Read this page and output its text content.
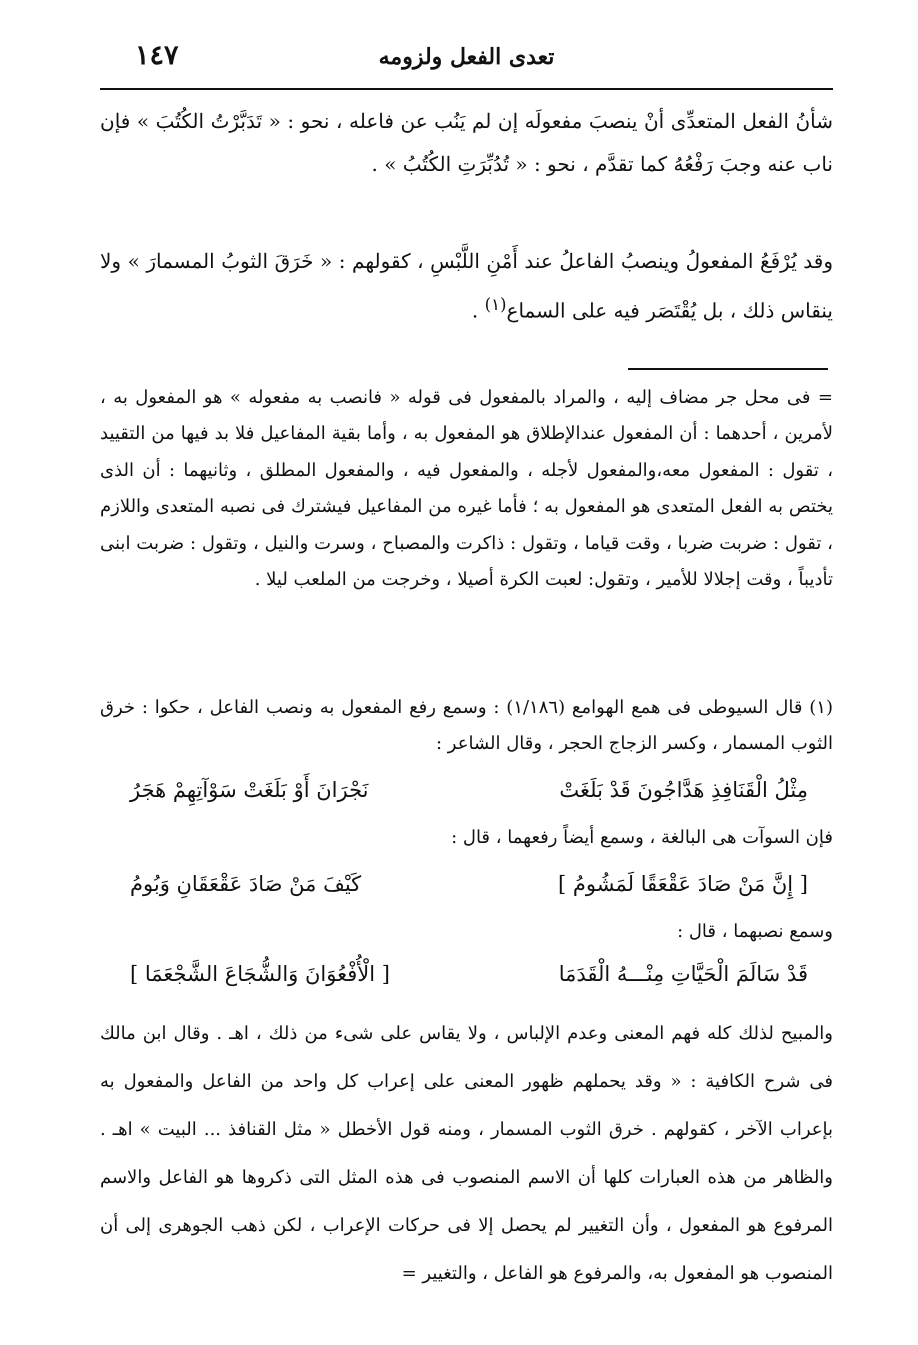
تعدى الفعل ولزومه
١٤٧
شأنُ الفعل المتعدِّى أنْ ينصبَ مفعولَه إن لم يَنُب عن فاعله ، نحو : « تَدَبَّرْتُ الكُتُبَ » فإن ناب عنه وجبَ رَفْعُهُ كما تقدَّم ، نحو : « تُدُبِّرَتِ الكُتُبُ » .
وقد يُرْفَعُ المفعولُ وينصبُ الفاعلُ عند أَمْنِ اللَّبْسِ ، كقولهم : « خَرَقَ الثوبُ المسمارَ » ولا ينقاس ذلك ، بل يُقْتَصَر فيه على السماع$^{(١)}$ .
= فى محل جر مضاف إليه ، والمراد بالمفعول فى قوله « فانصب به مفعوله » هو المفعول به ، لأمرين ، أحدهما : أن المفعول عندالإطلاق هو المفعول به ، وأما بقية المفاعيل فلا بد فيها من التقييد ، تقول : المفعول معه،والمفعول لأجله ، والمفعول فيه ، والمفعول المطلق ، وثانيهما : أن الذى يختص به الفعل المتعدى هو المفعول به ؛ فأما غيره من المفاعيل فيشترك فى نصبه المتعدى واللازم ، تقول : ضربت ضربا ، وقت قياما ، وتقول : ذاكرت والمصباح ، وسرت والنيل ، وتقول : ضربت ابنى تأديباً ، وقت إجلالا للأمير ، وتقول: لعبت الكرة أصيلا ، وخرجت من الملعب ليلا .
(١) قال السيوطى فى همع الهوامع (١/١٨٦) : وسمع رفع المفعول به ونصب الفاعل ، حكوا : خرق الثوب المسمار ، وكسر الزجاج الحجر ، وقال الشاعر :
مِثْلُ الْقَنَافِذِ هَدَّاجُونَ قَدْ بَلَغَتْ
نَجْرَانَ أَوْ بَلَغَتْ سَوْآتِهِمْ هَجَرُ
فإن السوآت هى البالغة ، وسمع أيضاً رفعهما ، قال :
[ إِنَّ مَنْ صَادَ عَقْعَقًا لَمَشُومُ ]
كَيْفَ مَنْ صَادَ عَقْعَقَانِ وَبُومُ
وسمع نصبهما ، قال :
قَدْ سَالَمَ الْحَيَّاتِ مِنْـــهُ الْقَدَمَا
[ الْأُفْعُوَانَ وَالشُّجَاعَ الشَّجْعَمَا ]
والمبيح لذلك كله فهم المعنى وعدم الإلباس ، ولا يقاس على شىء من ذلك ، اهـ . وقال ابن مالك فى شرح الكافية : « وقد يحملهم ظهور المعنى على إعراب كل واحد من الفاعل والمفعول به بإعراب الآخر ، كقولهم . خرق الثوب المسمار ، ومنه قول الأخطل « مثل القنافذ ... البيت » اهـ . والظاهر من هذه العبارات كلها أن الاسم المنصوب فى هذه المثل التى ذكروها هو الفاعل والاسم المرفوع هو المفعول ، وأن التغيير لم يحصل إلا فى حركات الإعراب ، لكن ذهب الجوهرى إلى أن المنصوب هو المفعول به، والمرفوع هو الفاعل ، والتغيير =
